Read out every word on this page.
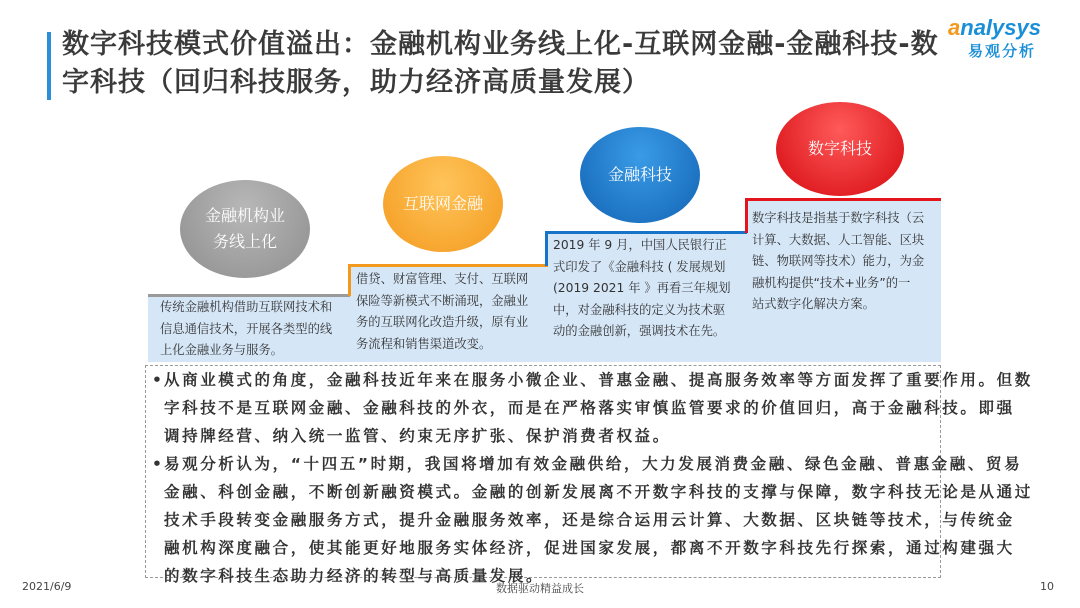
数字科技模式价值溢出：金融机构业务线上化-互联网金融-金融科技-数字科技（回归科技服务，助力经济高质量发展）
analysys
易观分析
金融机构业
务线上化
互联网金融
金融科技
数字科技
传统金融机构借助互联网技术和
信息通信技术，开展各类型的线
上化金融业务与服务。
借贷、财富管理、支付、互联网
保险等新模式不断涌现，金融业
务的互联网化改造升级，原有业
务流程和销售渠道改变。
2019 年 9 月，中国人民银行正
式印发了《金融科技 ( 发展规划
(2019 2021 年 》再看三年规划
中，对金融科技的定义为技术驱
动的金融创新，强调技术在先。
数字科技是指基于数字科技（云
计算、大数据、人工智能、区块
链、物联网等技术）能力，为金
融机构提供“技术+业务”的一
站式数字化解决方案。
• 从商业模式的角度，金融科技近年来在服务小微企业、普惠金融、提高服务效率等方面发挥了重要作用。但数
字科技不是互联网金融、金融科技的外衣，而是在严格落实审慎监管要求的价值回归，高于金融科技。即强
调持牌经营、纳入统一监管、约束无序扩张、保护消费者权益。
• 易观分析认为，“十四五”时期，我国将增加有效金融供给，大力发展消费金融、绿色金融、普惠金融、贸易
金融、科创金融，不断创新融资模式。金融的创新发展离不开数字科技的支撑与保障，数字科技无论是从通过
技术手段转变金融服务方式，提升金融服务效率，还是综合运用云计算、大数据、区块链等技术，与传统金
融机构深度融合，使其能更好地服务实体经济，促进国家发展，都离不开数字科技先行探索，通过构建强大
的数字科技生态助力经济的转型与高质量发展。
数据驱动精益成长
2021/6/9	10
